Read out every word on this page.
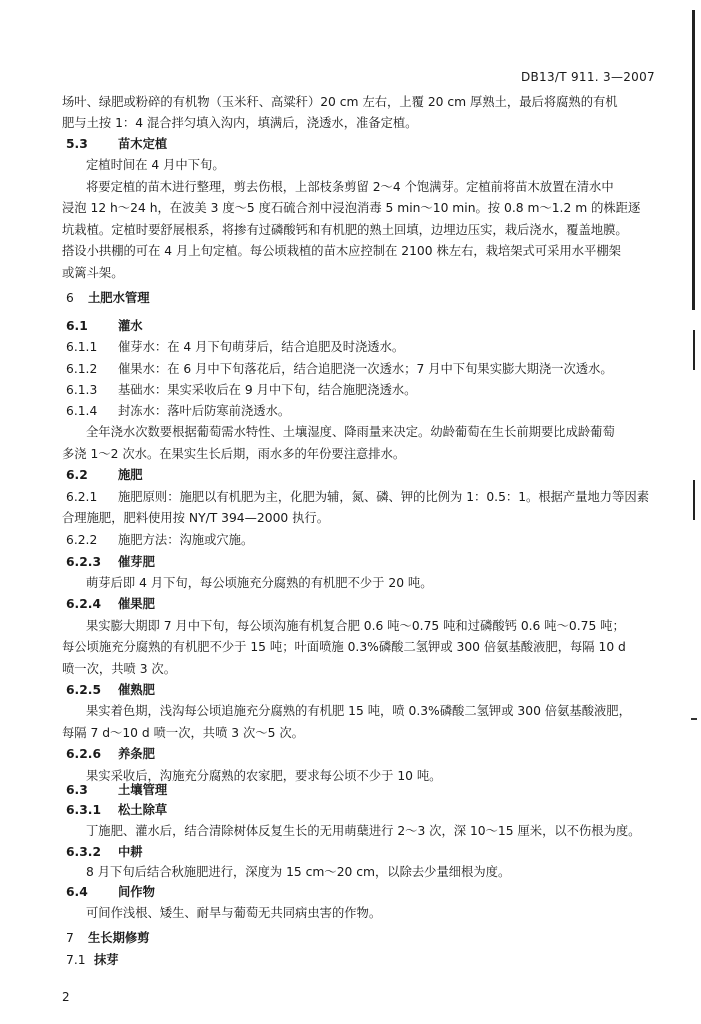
DB13/T 911. 3—2007
场叶、绿肥或粉碎的有机物（玉米秆、高粱秆）20 cm 左右，上覆 20 cm 厚熟土，最后将腐熟的有机
肥与土按 1：4 混合拌匀填入沟内，填满后，浇透水，准备定植。
5.3 苗木定植
定植时间在 4 月中下旬。
将要定植的苗木进行整理，剪去伤根，上部枝条剪留 2～4 个饱满芽。定植前将苗木放置在清水中
浸泡 12 h～24 h，在波美 3 度～5 度石硫合剂中浸泡消毒 5 min～10 min。按 0.8 m～1.2 m 的株距逐
坑栽植。定植时要舒展根系，将掺有过磷酸钙和有机肥的熟土回填，边埋边压实，栽后浇水，覆盖地膜。
搭设小拱棚的可在 4 月上旬定植。每公顷栽植的苗木应控制在 2100 株左右，栽培架式可采用水平棚架
或篱斗架。
6 土肥水管理
6.1 灌水
6.1.1 催芽水：在 4 月下旬萌芽后，结合追肥及时浇透水。
6.1.2 催果水：在 6 月中下旬落花后，结合追肥浇一次透水；7 月中下旬果实膨大期浇一次透水。
6.1.3 基础水：果实采收后在 9 月中下旬，结合施肥浇透水。
6.1.4 封冻水：落叶后防寒前浇透水。
全年浇水次数要根据葡萄需水特性、土壤湿度、降雨量来决定。幼龄葡萄在生长前期要比成龄葡萄
多浇 1～2 次水。在果实生长后期，雨水多的年份要注意排水。
6.2 施肥
6.2.1 施肥原则：施肥以有机肥为主，化肥为辅，氮、磷、钾的比例为 1：0.5：1。根据产量地力等因素
合理施肥，肥料使用按 NY/T 394—2000 执行。
6.2.2 施肥方法：沟施或穴施。
6.2.3 催芽肥
萌芽后即 4 月下旬，每公顷施充分腐熟的有机肥不少于 20 吨。
6.2.4 催果肥
果实膨大期即 7 月中下旬，每公顷沟施有机复合肥 0.6 吨～0.75 吨和过磷酸钙 0.6 吨～0.75 吨；
每公顷施充分腐熟的有机肥不少于 15 吨；叶面喷施 0.3%磷酸二氢钾或 300 倍氨基酸液肥，每隔 10 d
喷一次，共喷 3 次。
6.2.5 催熟肥
果实着色期，浅沟每公顷追施充分腐熟的有机肥 15 吨，喷 0.3%磷酸二氢钾或 300 倍氨基酸液肥，
每隔 7 d～10 d 喷一次，共喷 3 次～5 次。
6.2.6 养条肥
果实采收后，沟施充分腐熟的农家肥，要求每公顷不少于 10 吨。
6.3 土壤管理
6.3.1 松土除草
丁施肥、灌水后，结合清除树体反复生长的无用萌蘖进行 2～3 次，深 10～15 厘米，以不伤根为度。
6.3.2 中耕
8 月下旬后结合秋施肥进行，深度为 15 cm～20 cm，以除去少量细根为度。
6.4 间作物
可间作浅根、矮生、耐旱与葡萄无共同病虫害的作物。
2
7 生长期修剪
7.1 抹芽
